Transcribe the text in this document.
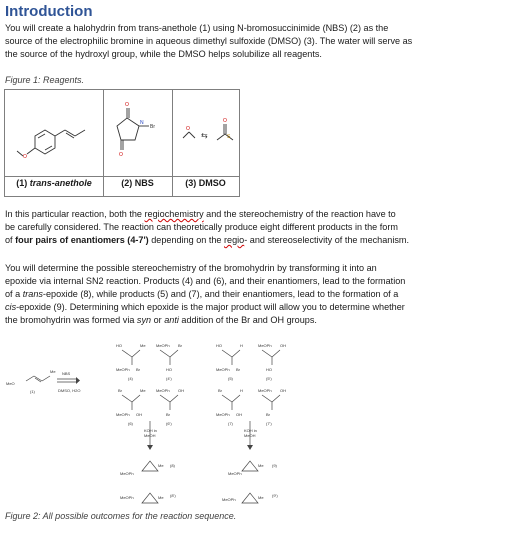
Introduction

You will create a halohydrin from trans-anethole (1) using N-bromosuccinimide (NBS) (2) as the

source of the electrophilic bromine in aqueous dimethyl sulfoxide (DMSO) (3). The water will serve as

the source of the hydroxyl group, while the DMSO helps solubilize all reagents.

Figure 1: Reagents.
O
O
O
N
Br	O
⇆
O
S
(1) trans-anethole	(2) NBS	(3) DMSO

In this particular reaction, both the regiochemistry and the stereochemistry of the reaction have to

be carefully considered. The reaction can theoretically produce eight different products in the form

of four pairs of enantiomers (4-7') depending on the regio- and stereoselectivity of the mechanism.

You will determine the possible stereochemistry of the bromohydrin by transforming it into an

epoxide via internal SN2 reaction. Products (4) and (6), and their enantiomers, lead to the formation

of a trans-epoxide (8), while products (5) and (7), and their enantiomers, lead to the formation of a

cis-epoxide (9). Determining which epoxide is the major product will allow you to determine whether

the bromohydrin was formed via syn or anti addition of the Br and OH groups.

Me
MeO
(1)
NBS
DMSO, H2O
HO	Me
MeOPh Br
(4)
MeOPh Br
HO
(4')
HO	H
MeOPh Br
(5)
MeOPh OH
HO
(5')
Br	Me
MeOPh OH
(6)
MeOPh OH
Br
(6')
Br	H
MeOPh OH
(7)
MeOPh OH
Br
(7')
KOH in
MeOH
KOH in
MeOH
MeOPh
Me (8)
MeOPh
Me (9)
MeOPh	Me (8')
MeOPh	Me (9')
Figure 2: All possible outcomes for the reaction sequence.
